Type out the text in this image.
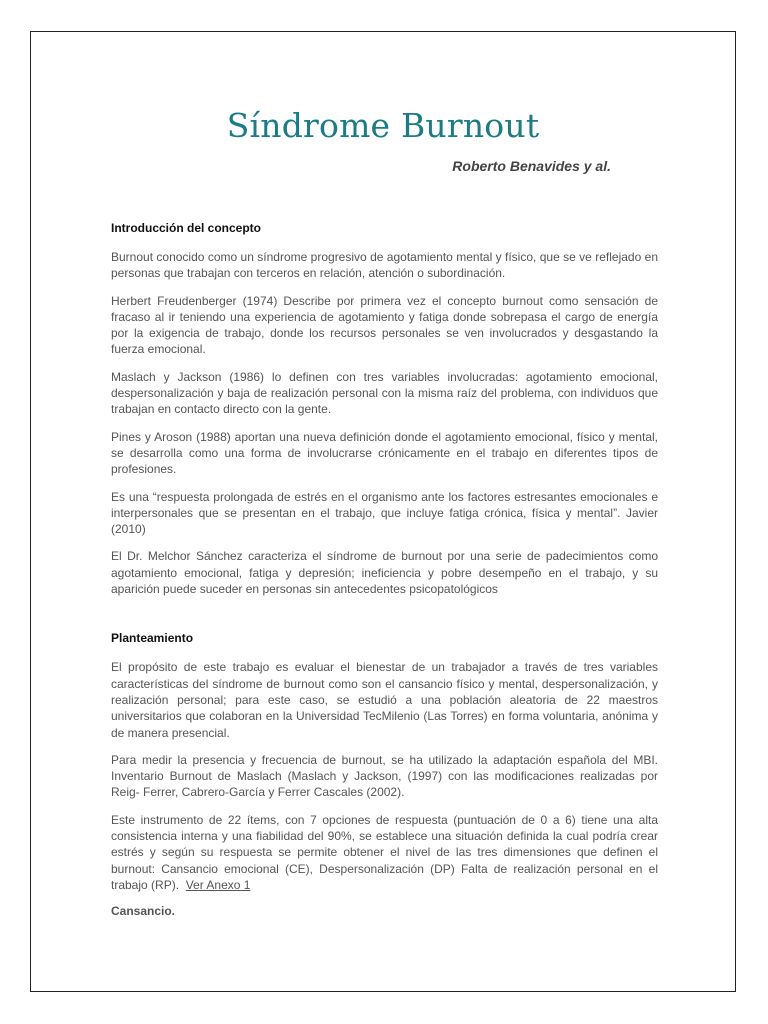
Síndrome Burnout

Roberto Benavides y al.

Introducción del concepto

Burnout conocido como un síndrome progresivo de agotamiento mental y físico, que se ve reflejado en personas que trabajan con terceros en relación, atención o subordinación.

Herbert Freudenberger (1974) Describe por primera vez el concepto burnout como sensación de fracaso al ir teniendo una experiencia de agotamiento y fatiga donde sobrepasa el cargo de energía por la exigencia de trabajo, donde los recursos personales se ven involucrados y desgastando la fuerza emocional.

Maslach y Jackson (1986) lo definen con tres variables involucradas: agotamiento emocional, despersonalización y baja de realización personal con la misma raíz del problema, con individuos que trabajan en contacto directo con la gente.

Pines y Aroson (1988) aportan una nueva definición donde el agotamiento emocional, físico y mental, se desarrolla como una forma de involucrarse crónicamente en el trabajo en diferentes tipos de profesiones.

Es una “respuesta prolongada de estrés en el organismo ante los factores estresantes emocionales e interpersonales que se presentan en el trabajo, que incluye fatiga crónica, física y mental”. Javier (2010)

El Dr. Melchor Sánchez caracteriza el síndrome de burnout por una serie de padecimientos como agotamiento emocional, fatiga y depresión; ineficiencia y pobre desempeño en el trabajo, y su aparición puede suceder en personas sin antecedentes psicopatológicos

Planteamiento

El propósito de este trabajo es evaluar el bienestar de un trabajador a través de tres variables características del síndrome de burnout como son el cansancio físico y mental, despersonalización, y realización personal; para este caso, se estudió a una población aleatoria de 22 maestros universitarios que colaboran en la Universidad TecMilenio (Las Torres) en forma voluntaria, anónima y de manera presencial.

Para medir la presencia y frecuencia de burnout, se ha utilizado la adaptación española del MBI. Inventario Burnout de Maslach (Maslach y Jackson, (1997) con las modificaciones realizadas por Reig- Ferrer, Cabrero-García y Ferrer Cascales (2002).

Este instrumento de 22 ítems, con 7 opciones de respuesta (puntuación de 0 a 6) tiene una alta consistencia interna y una fiabilidad del 90%, se establece una situación definida la cual podría crear estrés y según su respuesta se permite obtener el nivel de las tres dimensiones que definen el burnout: Cansancio emocional (CE), Despersonalización (DP) Falta de realización personal en el trabajo (RP). Ver Anexo 1

Cansancio.
